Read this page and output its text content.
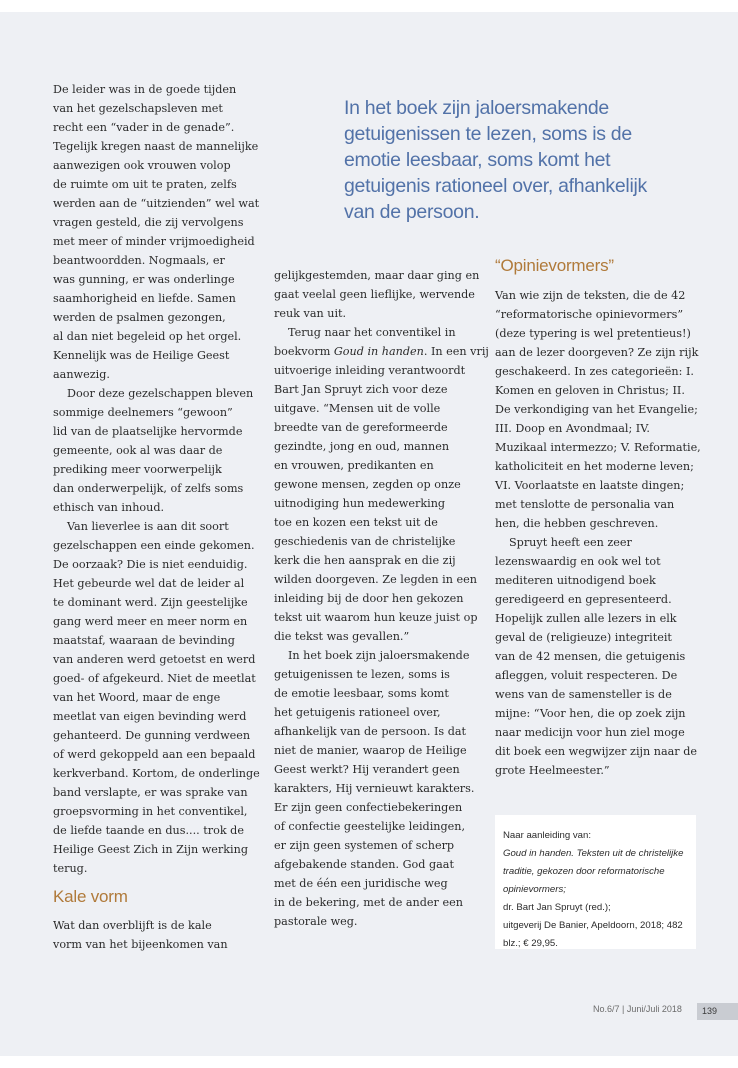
In het boek zijn jaloersmakende
getuigenissen te lezen, soms is de
emotie leesbaar, soms komt het
getuigenis rationeel over, afhankelijk
van de persoon.
De leider was in de goede tijden
van het gezelschapsleven met
recht een “vader in de genade”.
Tegelijk kregen naast de mannelijke
aanwezigen ook vrouwen volop
de ruimte om uit te praten, zelfs
werden aan de “uitzienden” wel wat
vragen gesteld, die zij vervolgens
met meer of minder vrijmoedigheid
beantwoordden. Nogmaals, er
was gunning, er was onderlinge
saamhorigheid en liefde. Samen
werden de psalmen gezongen,
al dan niet begeleid op het orgel.
Kennelijk was de Heilige Geest
aanwezig.
Door deze gezelschappen bleven
sommige deelnemers “gewoon”
lid van de plaatselijke hervormde
gemeente, ook al was daar de
prediking meer voorwerpelijk
dan onderwerpelijk, of zelfs soms
ethisch van inhoud.
Van lieverlee is aan dit soort
gezelschappen een einde gekomen.
De oorzaak? Die is niet eenduidig.
Het gebeurde wel dat de leider al
te dominant werd. Zijn geestelijke
gang werd meer en meer norm en
maatstaf, waaraan de bevinding
van anderen werd getoetst en werd
goed- of afgekeurd. Niet de meetlat
van het Woord, maar de enge
meetlat van eigen bevinding werd
gehanteerd. De gunning verdween
of werd gekoppeld aan een bepaald
kerkverband. Kortom, de onderlinge
band verslapte, er was sprake van
groepsvorming in het conventikel,
de liefde taande en dus.... trok de
Heilige Geest Zich in Zijn werking
terug.
Kale vorm
Wat dan overblijft is de kale
vorm van het bijeenkomen van
gelijkgestemden, maar daar ging en
gaat veelal geen lieflijke, wervende
reuk van uit.
Terug naar het conventikel in
boekvorm Goud in handen. In een vrij
uitvoerige inleiding verantwoordt
Bart Jan Spruyt zich voor deze
uitgave. “Mensen uit de volle
breedte van de gereformeerde
gezindte, jong en oud, mannen
en vrouwen, predikanten en
gewone mensen, zegden op onze
uitnodiging hun medewerking
toe en kozen een tekst uit de
geschiedenis van de christelijke
kerk die hen aansprak en die zij
wilden doorgeven. Ze legden in een
inleiding bij de door hen gekozen
tekst uit waarom hun keuze juist op
die tekst was gevallen.”
In het boek zijn jaloersmakende
getuigenissen te lezen, soms is
de emotie leesbaar, soms komt
het getuigenis rationeel over,
afhankelijk van de persoon. Is dat
niet de manier, waarop de Heilige
Geest werkt? Hij verandert geen
karakters, Hij vernieuwt karakters.
Er zijn geen confectiebekeringen
of confectie geestelijke leidingen,
er zijn geen systemen of scherp
afgebakende standen. God gaat
met de één een juridische weg
in de bekering, met de ander een
pastorale weg.
“Opinievormers”
Van wie zijn de teksten, die de 42
“reformatorische opinievormers”
(deze typering is wel pretentieus!)
aan de lezer doorgeven? Ze zijn rijk
geschakeerd. In zes categorieën: I.
Komen en geloven in Christus; II.
De verkondiging van het Evangelie;
III. Doop en Avondmaal; IV.
Muzikaal intermezzo; V. Reformatie,
katholiciteit en het moderne leven;
VI. Voorlaatste en laatste dingen;
met tenslotte de personalia van
hen, die hebben geschreven.
Spruyt heeft een zeer
lezenswaardig en ook wel tot
mediteren uitnodigend boek
geredigeerd en gepresenteerd.
Hopelijk zullen alle lezers in elk
geval de (religieuze) integriteit
van de 42 mensen, die getuigenis
afleggen, voluit respecteren. De
wens van de samensteller is de
mijne: “Voor hen, die op zoek zijn
naar medicijn voor hun ziel moge
dit boek een wegwijzer zijn naar de
grote Heelmeester.”
Naar aanleiding van:
Goud in handen. Teksten uit de christelijke
traditie, gekozen door reformatorische
opinievormers;
dr. Bart Jan Spruyt (red.);
uitgeverij De Banier, Apeldoorn, 2018; 482
blz.; € 29,95.
No.6/7 | Juni/Juli 2018	139
